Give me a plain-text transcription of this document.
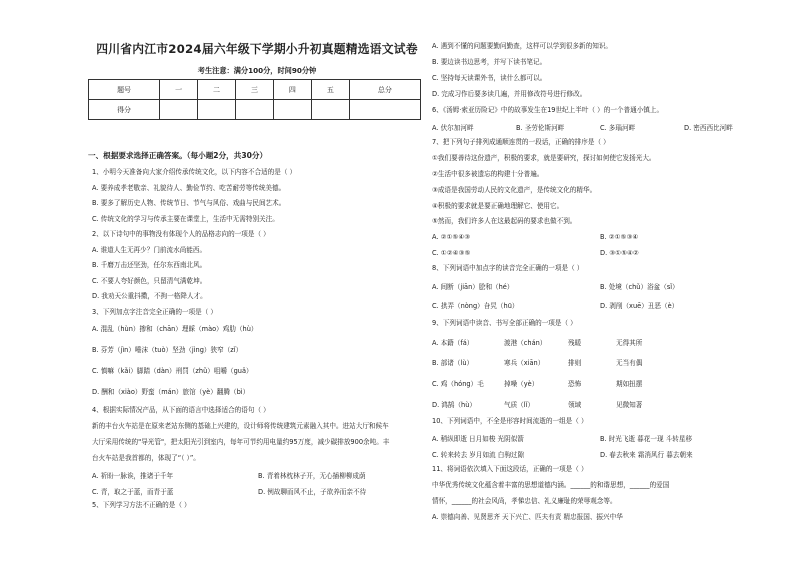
四川省内江市2024届六年级下学期小升初真题精选语文试卷
考生注意：满分100分，时间90分钟
题号	一	二	三	四	五	总分
得分						
一、根据要求选择正确答案。（每小题2分，共30分）
1、小明今天准备向大家介绍传承传统文化，以下内容不合适的是（ ）
A. 要养成孝老敬亲、礼貌待人、勤俭节约、吃苦耐劳等传统美德。
B. 要多了解历史人物、传统节日、节气与风俗、戏曲与民间艺术。
C. 传统文化的学习与传承主要在课堂上，生活中无需特别关注。
2、以下诗句中的事物没有体现个人的品格志向的一项是（ ）
A. 谁道人生无再少？门前流水尚能西。
B. 千磨万击还坚劲，任尔东西南北风。
C. 不要人夸好颜色，只留清气满乾坤。
D. 我劝天公重抖擞，不拘一格降人才。
3、下列加点字注音完全正确的一项是（ ）
A. 混乱（hùn）掺和（chān）理睬（mào）鸡肋（hù）
B. 芬芳（jìn）唾沫（tuò）坚劲（jìng）狭窄（zǐ）
C. 慎嘛（kǎi）脚踏（dàn）刑罚（zhǔ）咀嚼（guǎ）
D. 酬和（xiào）野蛮（mán）旅馆（yè）翻腾（bì）
4、根据实际情况产品，从下面的语言中选择适合的语句（ ）
新的丰台火车站是在原来老站东侧的基础上兴建的，设计师将传统建筑元素融入其中。进站大厅和候车
大厅采用传统的"导光管"，把太阳光引到室内，每年可节约用电量约95万度，减少碳排放900余吨。丰
台火车站是我首都的，体现了“（ ）”。
A. 祈盼一脉诶，推诸于千年	B. 青着林枕林子开，无心插柳柳成荫
C. 青，取之于蓝，而青于蓝	D. 例故聊而风不止，子欲养而亲不待
5、下列学习方法不正确的是（ ）
A. 遇到不懂的问题要勤问勤查，这样可以学到很多新的知识。
B. 要边读书边思考，并写下读书笔记。
C. 坚持每天读课外书，读什么都可以。
D. 完成习作后要多读几遍，并用修改符号进行修改。
6、《汤姆·索亚历险记》中的故事发生在19世纪上半叶（ ）的一个普通小镇上。
A. 伏尔加河畔	B. 圣劳伦斯河畔	C. 多瑙河畔	D. 密西西比河畔
7、把下列句子排列成通顺连贯的一段话，正确的排序是（ ）
①我们要善待这份遗产，积极的要求，就是要研究，探讨如何使它发扬光大。
②生活中很多被遗忘的构建十分普遍。
③成语是我国劳动人民的文化遗产，是传统文化的精华。
④积极的要求就是要正确地理解它、使用它。
⑤然而，我们许多人在这最起码的要求也做不到。
A. ②①⑤④③	B. ②①⑤③④
C. ①②④③⑤	D. ③①⑤④②
8、下列词语中加点字的读音完全正确的一项是（ ）
A. 间断（jiān）脍和（hé）	B. 处境（chǔ）浴盆（sǐ）
C. 拱弄（nòng）旮旯（hū）	D. 剥削（xuē）丑恶（è）
9、下列词语中读音、书写全部正确的一项是（ ）
A. 本籍（fá）	渡港（chán）	残暖	无得其所
B. 部诸（lù）	寒兵（xiān）	排则	无当有偶
C. 鸡（hóng）毛	掉噪（yè）	恐怖	期如扭摆
D. 鸿鹄（hù）	气质（lǐ）	领域	见微知著
10、下列词语中，不全是形容时间流逝的一组是（ ）
A. 稍纵即逝 日月如梭 光阴似箭	B. 时光飞逝 暮花一现 斗转星移
C. 转来转去 岁月如流 白驹过隙	D. 春去秋来 霜消风行 暮去朝来
11、将词语依次填入下面这段话，正确的一项是（ ）
中华优秀传统文化蕴含着丰富的思想道德内涵。______的和谐思想，______的爱国
情怀，______的社会风尚，孝悌忠信、礼义廉耻的荣辱观念等。
A. 崇德向善、见贤思齐 天下兴亡、匹夫有责 精忠报国、振兴中华
